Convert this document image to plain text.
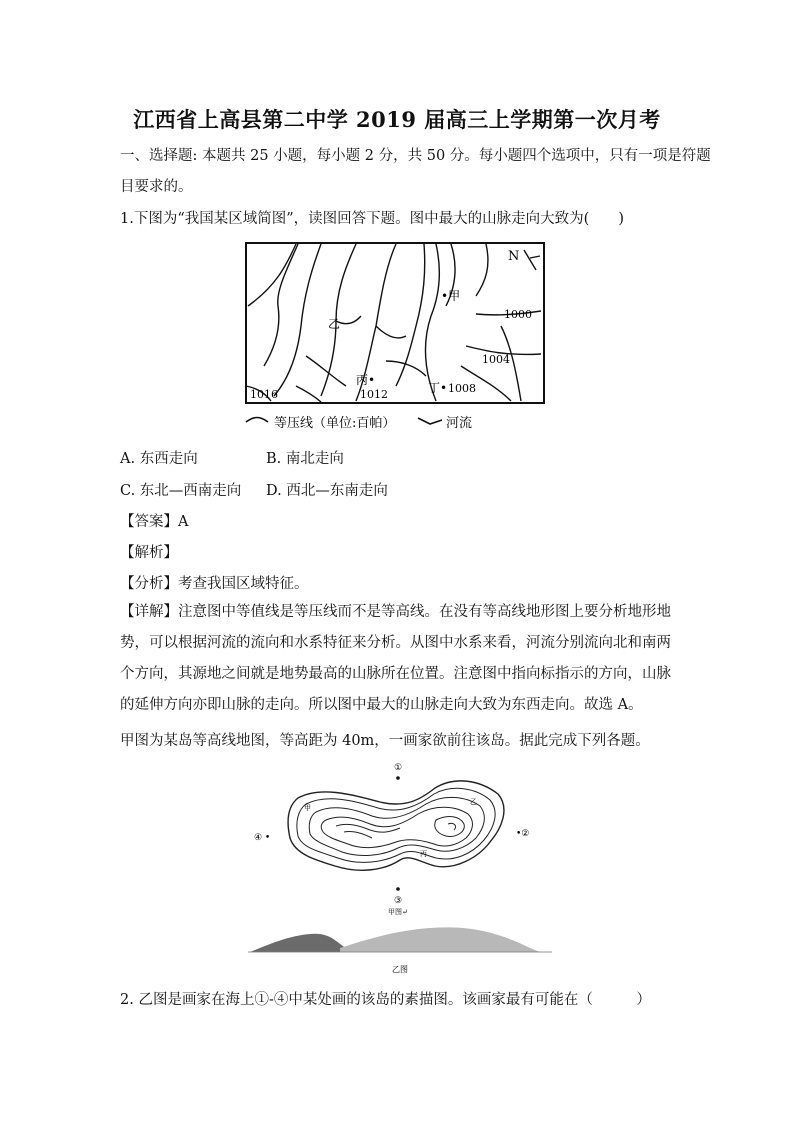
江西省上高县第二中学 2019 届高三上学期第一次月考
一、选择题: 本题共 25 小题，每小题 2 分，共 50 分。每小题四个选项中，只有一项是符题
目要求的。
1.下图为“我国某区域简图”，读图回答下题。图中最大的山脉走向大致为(　　)
N
•甲
乙
丙•
丁•
1016	1012	1008
1004
1000
等压线（单位:百帕）	河流
A. 东西走向	B. 南北走向
C. 东北—西南走向 D. 西北—东南走向
【答案】A
【解析】
【分析】考查我国区域特征。
【详解】注意图中等值线是等压线而不是等高线。在没有等高线地形图上要分析地形地势，可以根据河流的流向和水系特征来分析。从图中水系来看，河流分别流向北和南两个方向，其源地之间就是地势最高的山脉所在位置。注意图中指向标指示的方向，山脉的延伸方向亦即山脉的走向。所以图中最大的山脉走向大致为东西走向。故选 A。
甲图为某岛等高线地图，等高距为 40m，一画家欲前往该岛。据此完成下列各题。
①
•②
④ •
③
甲
乙
丙
甲图↵
乙图
2. 乙图是画家在海上①-④中某处画的该岛的素描图。该画家最有可能在（　　　）
